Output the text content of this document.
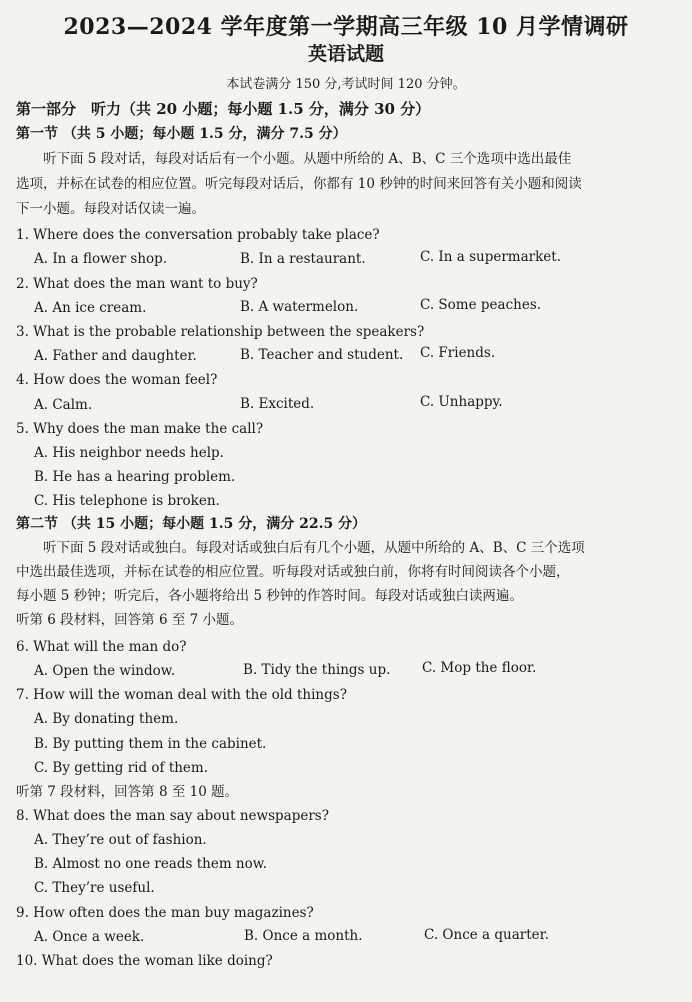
2023—2024 学年度第一学期高三年级 10 月学情调研
英语试题
本试卷满分 150 分,考试时间 120 分钟。
第一部分　听力（共 20 小题；每小题 1.5 分，满分 30 分）
第一节 （共 5 小题；每小题 1.5 分，满分 7.5 分）
　　听下面 5 段对话，每段对话后有一个小题。从题中所给的 A、B、C 三个选项中选出最佳
选项，并标在试卷的相应位置。听完每段对话后，你都有 10 秒钟的时间来回答有关小题和阅读
下一小题。每段对话仅读一遍。
1. Where does the conversation probably take place?
A. In a flower shop.	B. In a restaurant.	C. In a supermarket.
2. What does the man want to buy?
A. An ice cream.	B. A watermelon.	C. Some peaches.
3. What is the probable relationship between the speakers?
A. Father and daughter.	B. Teacher and student. C. Friends.
4. How does the woman feel?
A. Calm.	B. Excited.	C. Unhappy.
5. Why does the man make the call?
A. His neighbor needs help.
B. He has a hearing problem.
C. His telephone is broken.
第二节 （共 15 小题；每小题 1.5 分，满分 22.5 分）
　　听下面 5 段对话或独白。每段对话或独白后有几个小题，从题中所给的 A、B、C 三个选项
中选出最佳选项，并标在试卷的相应位置。听每段对话或独白前，你将有时间阅读各个小题，
每小题 5 秒钟；听完后，各小题将给出 5 秒钟的作答时间。每段对话或独白读两遍。
听第 6 段材料，回答第 6 至 7 小题。
6. What will the man do?
A. Open the window.	B. Tidy the things up. C. Mop the floor.
7. How will the woman deal with the old things?
A. By donating them.
B. By putting them in the cabinet.
C. By getting rid of them.
听第 7 段材料，回答第 8 至 10 题。
8. What does the man say about newspapers?
A. They’re out of fashion.
B. Almost no one reads them now.
C. They’re useful.
9. How often does the man buy magazines?
A. Once a week.	B. Once a month.	C. Once a quarter.
10. What does the woman like doing?
